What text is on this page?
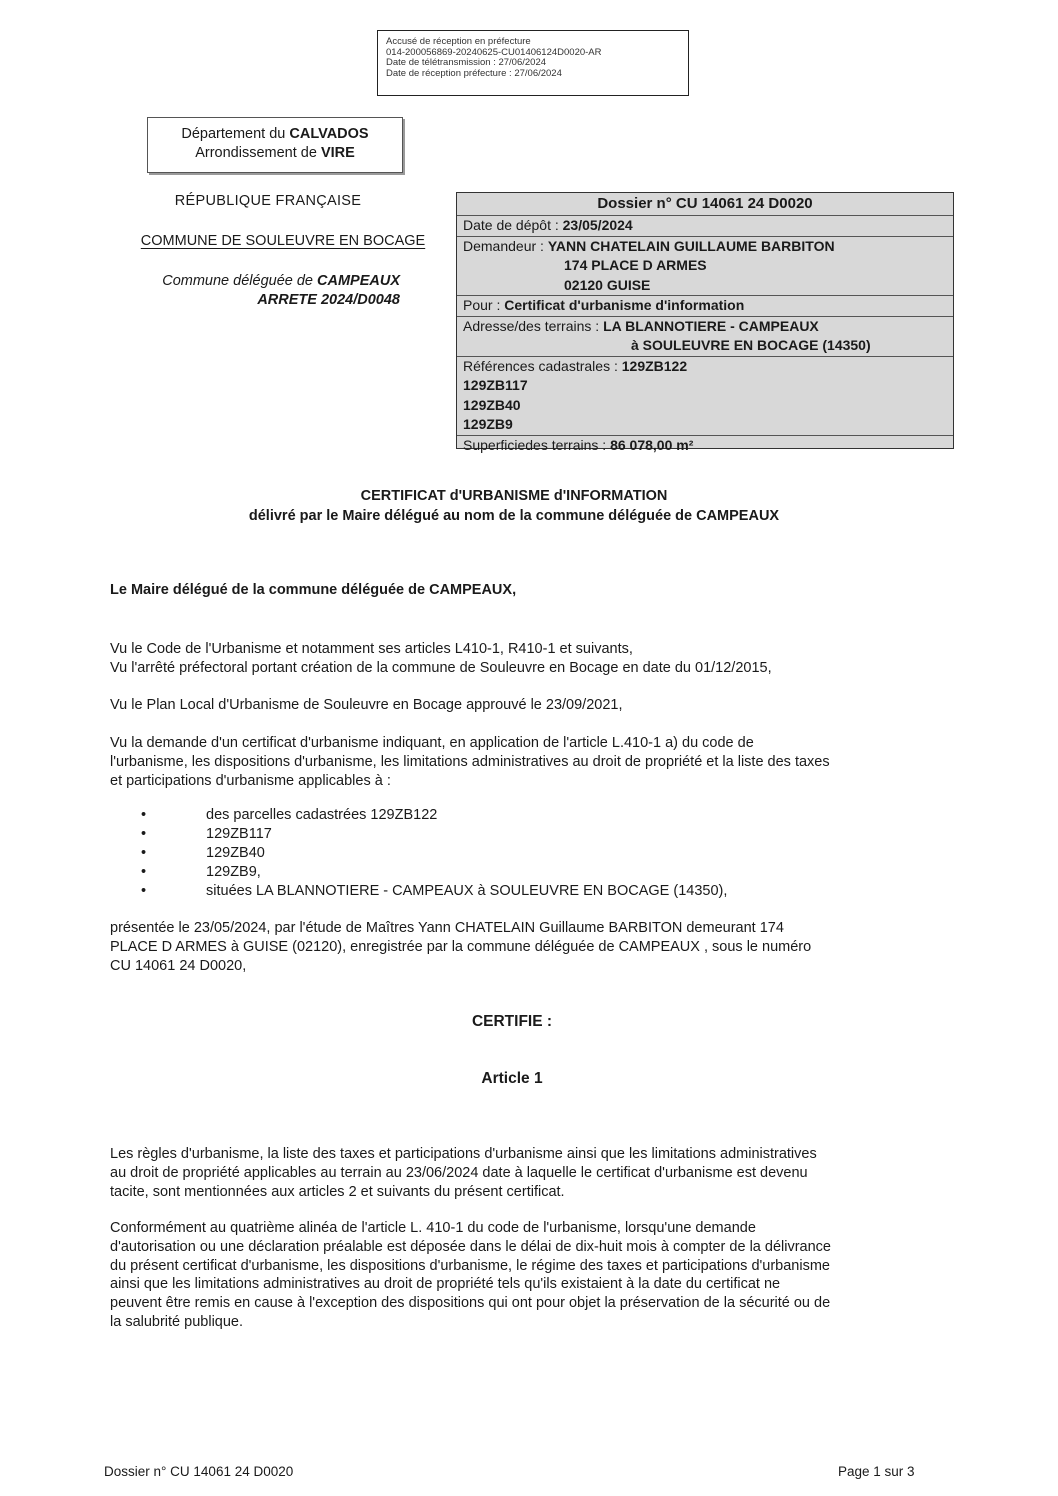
Accusé de réception en préfecture
014-200056869-20240625-CU01406124D0020-AR
Date de télétransmission : 27/06/2024
Date de réception préfecture : 27/06/2024
Département du CALVADOS
Arrondissement de VIRE
RÉPUBLIQUE FRANÇAISE
COMMUNE DE SOULEUVRE EN BOCAGE
Commune déléguée de CAMPEAUX
ARRETE 2024/D0048
Dossier n° CU 14061 24 D0020
Date de dépôt : 23/05/2024
Demandeur : YANN CHATELAIN GUILLAUME BARBITON
174 PLACE D ARMES
02120 GUISE
Pour : Certificat d'urbanisme d'information
Adresse/des terrains : LA BLANNOTIERE - CAMPEAUX
à SOULEUVRE EN BOCAGE (14350)
Références cadastrales : 129ZB122
129ZB117
129ZB40
129ZB9
Superficiedes terrains : 86 078,00 m²
CERTIFICAT d'URBANISME d'INFORMATION
délivré par le Maire délégué au nom de la commune déléguée de CAMPEAUX
Le Maire délégué de la commune déléguée de CAMPEAUX,
Vu le Code de l'Urbanisme et notamment ses articles L410-1, R410-1 et suivants,
Vu l'arrêté préfectoral portant création de la commune de Souleuvre en Bocage en date du 01/12/2015,
Vu le Plan Local d'Urbanisme de Souleuvre en Bocage approuvé le 23/09/2021,
Vu la demande d'un certificat d'urbanisme indiquant, en application de l'article L.410-1 a) du code de
l'urbanisme, les dispositions d'urbanisme, les limitations administratives au droit de propriété et la liste des taxes
et participations d'urbanisme applicables à :
•	des parcelles cadastrées 129ZB122
•	129ZB117
•	129ZB40
•	129ZB9,
•	situées LA BLANNOTIERE - CAMPEAUX à SOULEUVRE EN BOCAGE (14350),
présentée le 23/05/2024, par l'étude de Maîtres Yann CHATELAIN Guillaume BARBITON demeurant 174
PLACE D ARMES à GUISE (02120), enregistrée par la commune déléguée de CAMPEAUX , sous le numéro
CU 14061 24 D0020,
CERTIFIE :
Article 1
Les règles d'urbanisme, la liste des taxes et participations d'urbanisme ainsi que les limitations administratives
au droit de propriété applicables au terrain au 23/06/2024 date à laquelle le certificat d'urbanisme est devenu
tacite, sont mentionnées aux articles 2 et suivants du présent certificat.
Conformément au quatrième alinéa de l'article L. 410-1 du code de l'urbanisme, lorsqu'une demande
d'autorisation ou une déclaration préalable est déposée dans le délai de dix-huit mois à compter de la délivrance
du présent certificat d'urbanisme, les dispositions d'urbanisme, le régime des taxes et participations d'urbanisme
ainsi que les limitations administratives au droit de propriété tels qu'ils existaient à la date du certificat ne
peuvent être remis en cause à l'exception des dispositions qui ont pour objet la préservation de la sécurité ou de
la salubrité publique.
Dossier n° CU 14061 24 D0020	Page 1 sur 3
